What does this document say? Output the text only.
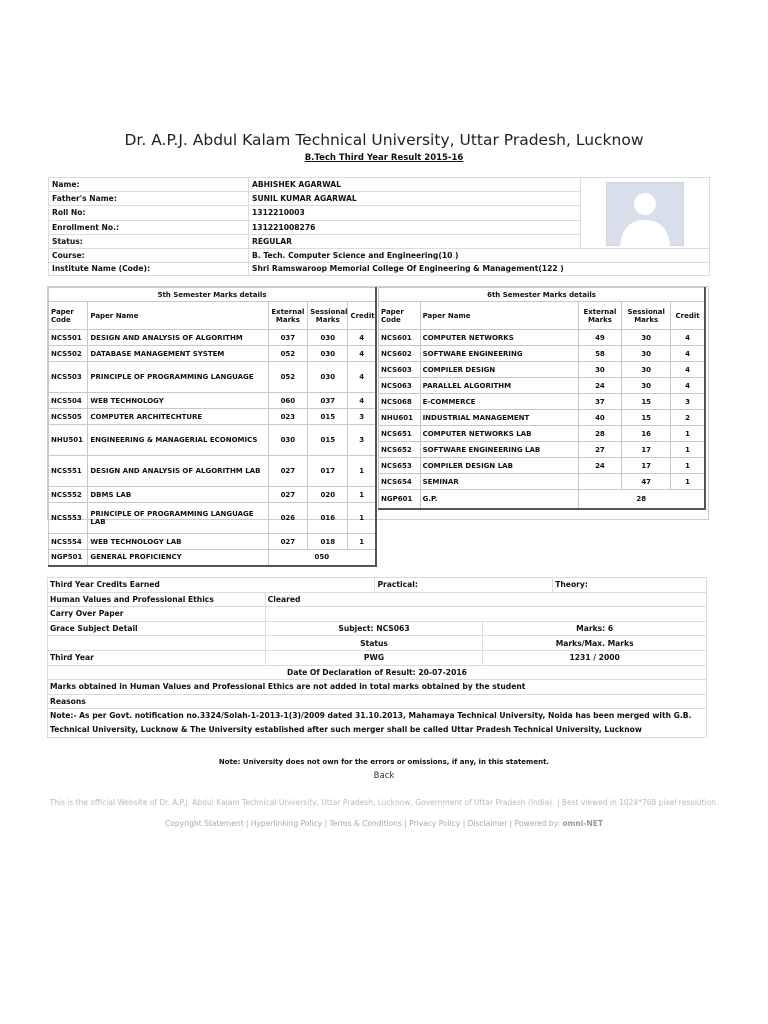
Dr. A.P.J. Abdul Kalam Technical University, Uttar Pradesh, Lucknow
B.Tech Third Year Result 2015-16
Name:	ABHISHEK AGARWAL	
Father's Name:	SUNIL KUMAR AGARWAL	
Roll No:	1312210003	
Enrollment No.:	131221008276	
Status:	REGULAR	
Course:	B. Tech. Computer Science and Engineering(10 )	
Institute Name (Code):	Shri Ramswaroop Memorial College Of Engineering & Management(122 )	
5th Semester Marks details				
Paper Code	Paper Name	External Marks	Sessional Marks	Credit
NCS501	DESIGN AND ANALYSIS OF ALGORITHM	037	030	4
NCS502	DATABASE MANAGEMENT SYSTEM	052	030	4
NCS503	PRINCIPLE OF PROGRAMMING LANGUAGE	052	030	4
NCS504	WEB TECHNOLOGY	060	037	4
NCS505	COMPUTER ARCHITECHTURE	023	015	3
NHU501	ENGINEERING & MANAGERIAL ECONOMICS	030	015	3
NCS551	DESIGN AND ANALYSIS OF ALGORITHM LAB	027	017	1
NCS552	DBMS LAB	027	020	1
NCS553	PRINCIPLE OF PROGRAMMING LANGUAGE LAB	026	016	1
NCS554	WEB TECHNOLOGY LAB	027	018	1
NGP501	GENERAL PROFICIENCY	050		
6th Semester Marks details				
Paper Code	Paper Name	External Marks	Sessional Marks	Credit
NCS601	COMPUTER NETWORKS	49	30	4
NCS602	SOFTWARE ENGINEERING	58	30	4
NCS603	COMPILER DESIGN	30	30	4
NCS063	PARALLEL ALGORITHM	24	30	4
NCS068	E-COMMERCE	37	15	3
NHU601	INDUSTRIAL MANAGEMENT	40	15	2
NCS651	COMPUTER NETWORKS LAB	28	16	1
NCS652	SOFTWARE ENGINEERING LAB	27	17	1
NCS653	COMPILER DESIGN LAB	24	17	1
NCS654	SEMINAR		47	1
NGP601	G.P.	28		
Third Year Credits Earned		Practical:		Theory:
Human Values and Professional Ethics	Cleared			
Carry Over Paper				
Grace Subject Detail	Subject: NCS063		Marks: 6	
	Status		Marks/Max. Marks	
Third Year	PWG		1231 / 2000	
Date Of Declaration of Result: 20-07-2016				
Marks obtained in Human Values and Professional Ethics are not added in total marks obtained by the student				
Reasons				
Note:- As per Govt. notification no.3324/Solah-1-2013-1(3)/2009 dated 31.10.2013, Mahamaya Technical University, Noida has been merged with G.B. Technical University, Lucknow & The University established after such merger shall be called Uttar Pradesh Technical University, Lucknow				
Note: University does not own for the errors or omissions, if any, in this statement.
Back
This is the official Website of Dr. A.P.J. Abdul Kalam Technical University, Uttar Pradesh, Lucknow, Government of Uttar Pradesh (India). | Best viewed in 1024*768 pixel resolution.
Copyright Statement | Hyperlinking Policy | Terms & Conditions | Privacy Policy | Disclaimer | Powered by: omni-NET
